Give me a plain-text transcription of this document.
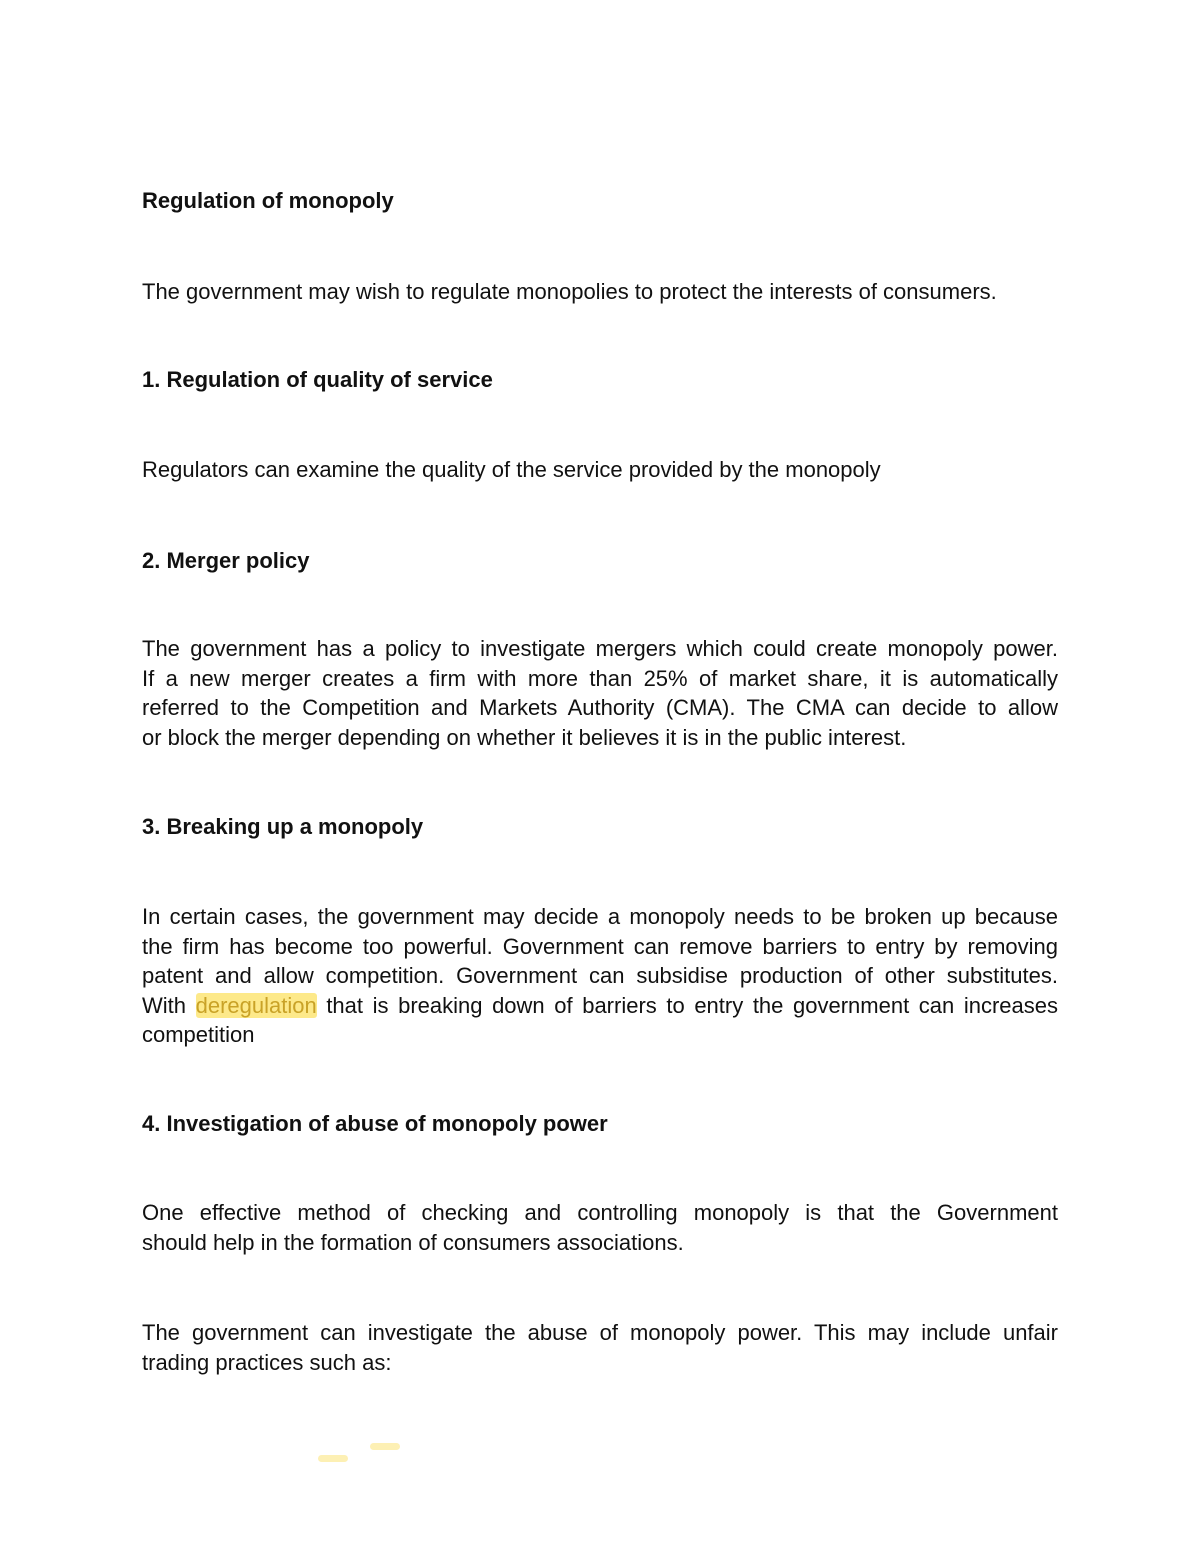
Regulation of monopoly

The government may wish to regulate monopolies to protect the interests of consumers.

1. Regulation of quality of service

Regulators can examine the quality of the service provided by the monopoly

2. Merger policy

The government has a policy to investigate mergers which could create monopoly power.
If a new merger creates a firm with more than 25% of market share, it is automatically
referred to the Competition and Markets Authority (CMA). The CMA can decide to allow
or block the merger depending on whether it believes it is in the public interest.

3. Breaking up a monopoly

In certain cases, the government may decide a monopoly needs to be broken up because
the firm has become too powerful. Government can remove barriers to entry by removing
patent and allow competition. Government can subsidise production of other substitutes.
With deregulation that is breaking down of barriers to entry the government can increases
competition

4. Investigation of abuse of monopoly power

One effective method of checking and controlling monopoly is that the Government
should help in the formation of consumers associations.
The government can investigate the abuse of monopoly power. This may include unfair
trading practices such as:
